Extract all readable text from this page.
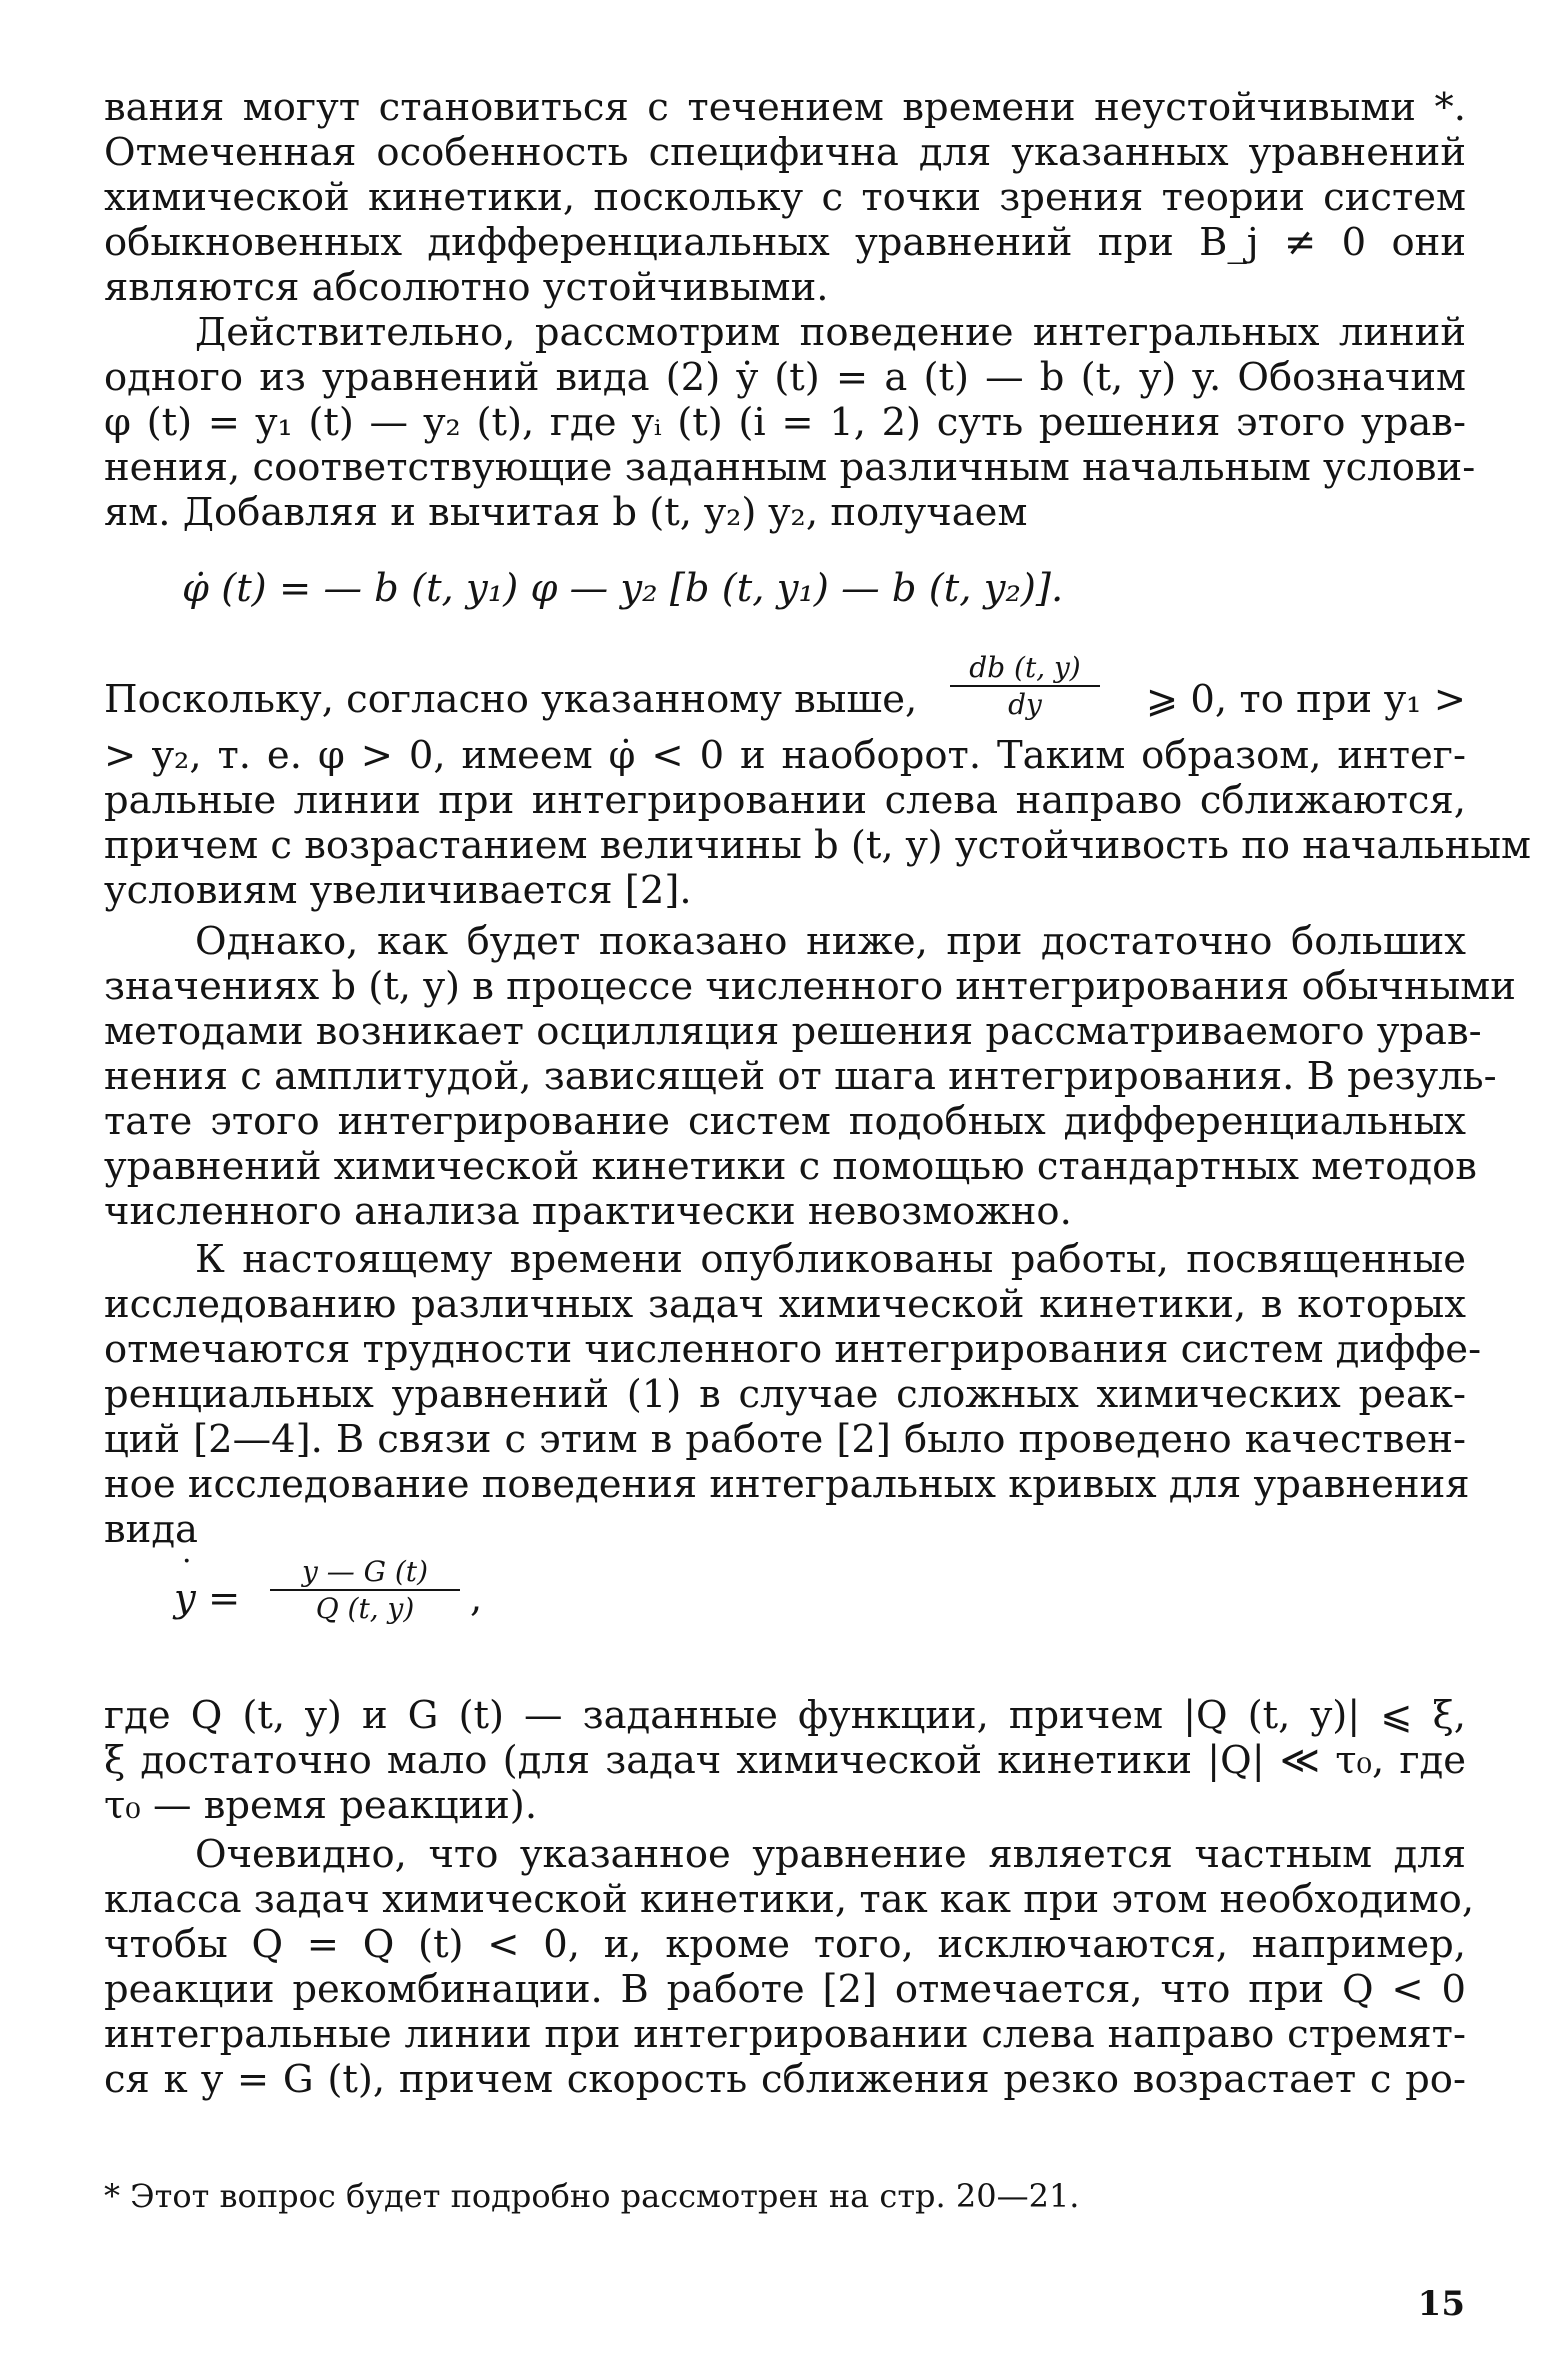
вания могут становиться с течением времени неустойчивыми *.
Отмеченная особенность специфична для указанных уравнений
химической кинетики, поскольку с точки зрения теории систем
обыкновенных дифференциальных уравнений при B_j ≠ 0 они
являются абсолютно устойчивыми.
Действительно, рассмотрим поведение интегральных линий
одного из уравнений вида (2) ẏ (t) = a (t) — b (t, y) y. Обозначим
φ (t) = y₁ (t) — y₂ (t), где yᵢ (t) (i = 1, 2) суть решения этого урав-
нения, соответствующие заданным различным начальным услови-
ям. Добавляя и вычитая b (t, y₂) y₂, получаем
φ̇ (t) = — b (t, y₁) φ — y₂ [b (t, y₁) — b (t, y₂)].
Поскольку, согласно указанному выше,
db (t, y)
dy	⩾ 0, то при y₁ >
> y₂, т. е. φ > 0, имеем φ̇ < 0 и наоборот. Таким образом, интег-
ральные линии при интегрировании слева направо сближаются,
причем с возрастанием величины b (t, y) устойчивость по начальным
условиям увеличивается [2].
Однако, как будет показано ниже, при достаточно больших
значениях b (t, y) в процессе численного интегрирования обычными
методами возникает осцилляция решения рассматриваемого урав-
нения с амплитудой, зависящей от шага интегрирования. В резуль-
тате этого интегрирование систем подобных дифференциальных
уравнений химической кинетики с помощью стандартных методов
численного анализа практически невозможно.
К настоящему времени опубликованы работы, посвященные
исследованию различных задач химической кинетики, в которых
отмечаются трудности численного интегрирования систем диффе-
ренциальных уравнений (1) в случае сложных химических реак-
ций [2—4]. В связи с этим в работе [2] было проведено качествен-
ное исследование поведения интегральных кривых для уравнения
вида
·
y =
y — G (t)
Q (t, y)	,
где Q (t, y) и G (t) — заданные функции, причем |Q (t, y)| ⩽ ξ,
ξ достаточно мало (для задач химической кинетики |Q| ≪ τ₀, где
τ₀ — время реакции).
Очевидно, что указанное уравнение является частным для
класса задач химической кинетики, так как при этом необходимо,
чтобы Q = Q (t) < 0, и, кроме того, исключаются, например,
реакции рекомбинации. В работе [2] отмечается, что при Q < 0
интегральные линии при интегрировании слева направо стремят-
ся к y = G (t), причем скорость сближения резко возрастает с ро-
* Этот вопрос будет подробно рассмотрен на стр. 20—21.
15
